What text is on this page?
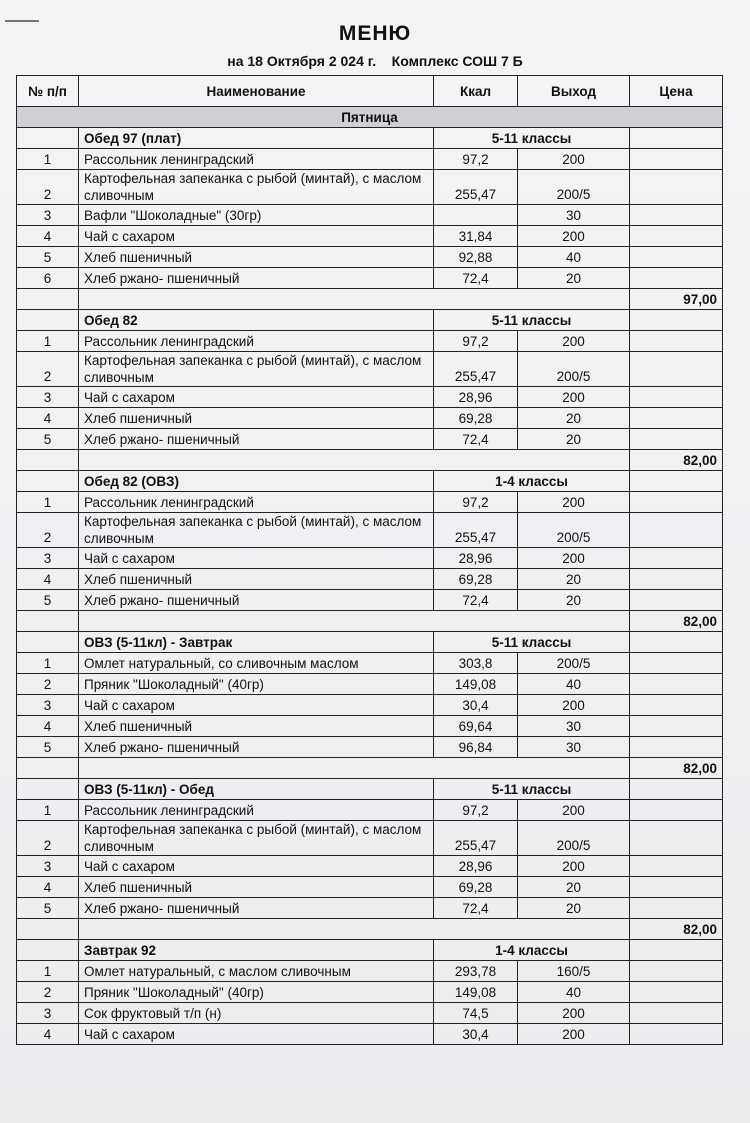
МЕНЮ
на 18 Октября 2 024 г. Комплекс СОШ 7 Б
№ п/п	Наименование	Ккал	Выход	Цена
Пятница				
	Обед 97 (плат)	5-11 классы		
1	Рассольник ленинградский	97,2	200	
2	Картофельная запеканка с рыбой (минтай), с маслом сливочным	255,47	200/5	
3	Вафли "Шоколадные" (30гр)		30	
4	Чай с сахаром	31,84	200	
5	Хлеб пшеничный	92,88	40	
6	Хлеб ржано- пшеничный	72,4	20	
				97,00
	Обед 82	5-11 классы		
1	Рассольник ленинградский	97,2	200	
2	Картофельная запеканка с рыбой (минтай), с маслом сливочным	255,47	200/5	
3	Чай с сахаром	28,96	200	
4	Хлеб пшеничный	69,28	20	
5	Хлеб ржано- пшеничный	72,4	20	
				82,00
	Обед 82 (ОВЗ)	1-4 классы		
1	Рассольник ленинградский	97,2	200	
2	Картофельная запеканка с рыбой (минтай), с маслом сливочным	255,47	200/5	
3	Чай с сахаром	28,96	200	
4	Хлеб пшеничный	69,28	20	
5	Хлеб ржано- пшеничный	72,4	20	
				82,00
	ОВЗ (5-11кл) - Завтрак	5-11 классы		
1	Омлет натуральный, со сливочным маслом	303,8	200/5	
2	Пряник "Шоколадный" (40гр)	149,08	40	
3	Чай с сахаром	30,4	200	
4	Хлеб пшеничный	69,64	30	
5	Хлеб ржано- пшеничный	96,84	30	
				82,00
	ОВЗ (5-11кл) - Обед	5-11 классы		
1	Рассольник ленинградский	97,2	200	
2	Картофельная запеканка с рыбой (минтай), с маслом сливочным	255,47	200/5	
3	Чай с сахаром	28,96	200	
4	Хлеб пшеничный	69,28	20	
5	Хлеб ржано- пшеничный	72,4	20	
				82,00
	Завтрак 92	1-4 классы		
1	Омлет натуральный, с маслом сливочным	293,78	160/5	
2	Пряник "Шоколадный" (40гр)	149,08	40	
3	Сок фруктовый т/п (н)	74,5	200	
4	Чай с сахаром	30,4	200	
